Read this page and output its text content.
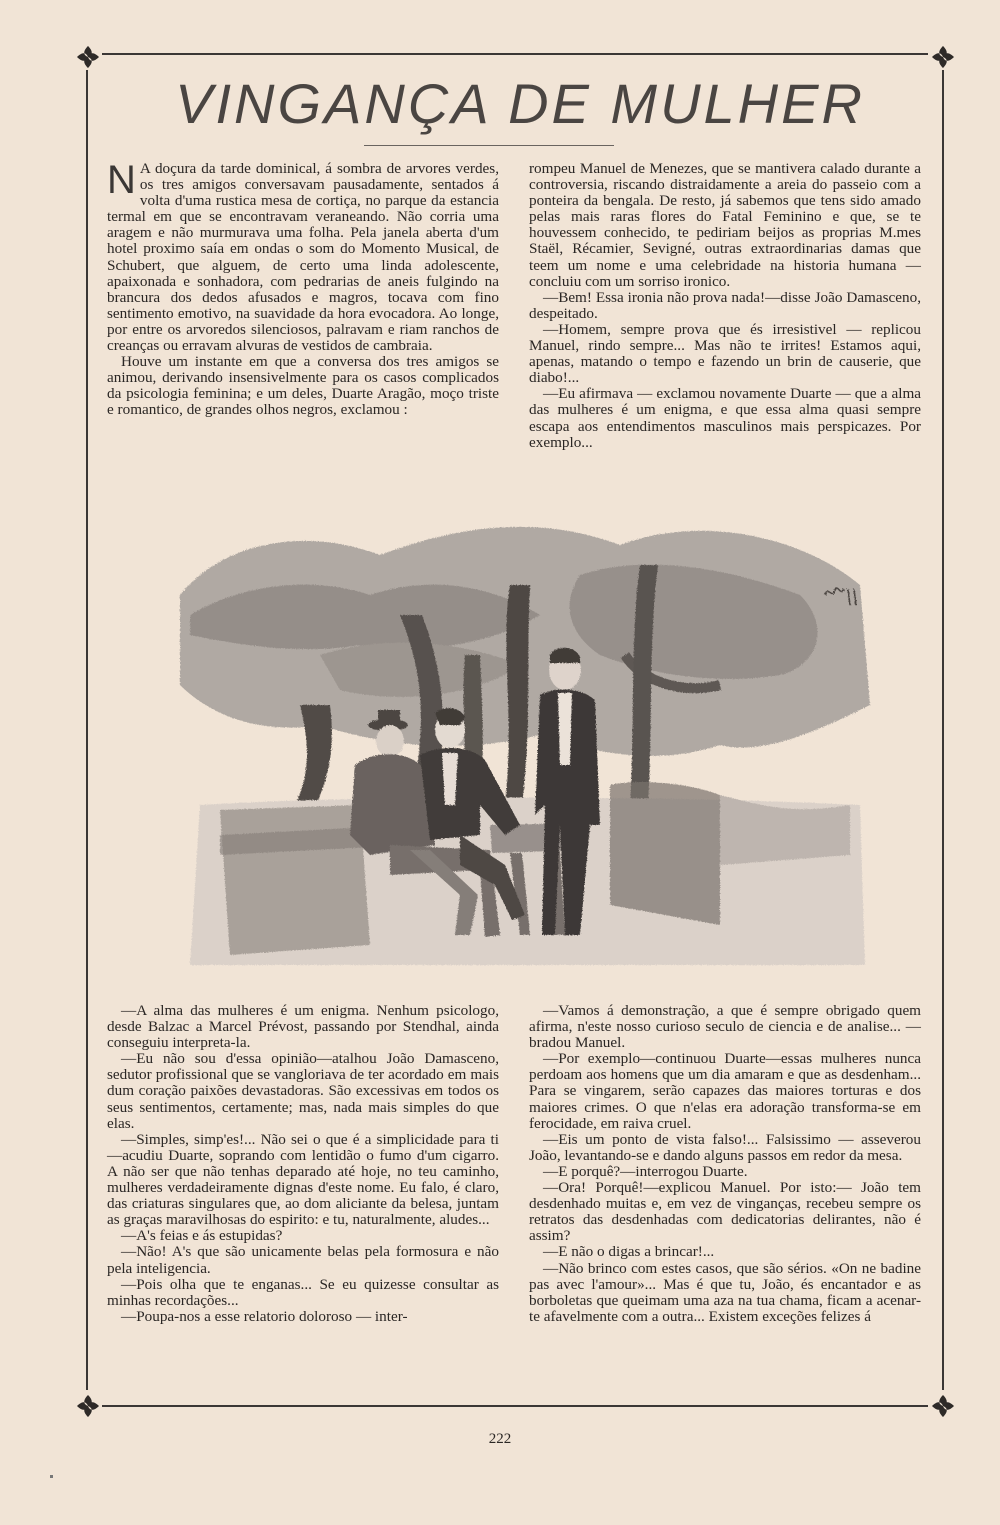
VINGANÇA DE MULHER
N A doçura da tarde dominical, á sombra de arvores verdes, os tres amigos conversavam pausadamente, sentados á volta d'uma rustica mesa de cortiça, no parque da estancia termal em que se encontravam veraneando. Não corria uma aragem e não murmurava uma folha. Pela janela aberta d'um hotel proximo saía em ondas o som do Momento Musical, de Schubert, que alguem, de certo uma linda adolescente, apaixonada e sonhadora, com pedrarias de aneis fulgindo na brancura dos dedos afusados e magros, tocava com fino sentimento emotivo, na suavidade da hora evocadora. Ao longe, por entre os arvoredos silenciosos, palravam e riam ranchos de creanças ou erravam alvuras de vestidos de cambraia.

Houve um instante em que a conversa dos tres amigos se animou, derivando insensivelmente para os casos complicados da psicologia feminina; e um deles, Duarte Aragão, moço triste e romantico, de grandes olhos negros, exclamou :

rompeu Manuel de Menezes, que se mantivera calado durante a controversia, riscando distraidamente a areia do passeio com a ponteira da bengala. De resto, já sabemos que tens sido amado pelas mais raras flores do Fatal Feminino e que, se te houvessem conhecido, te pediriam beijos as proprias M.mes Staël, Récamier, Sevigné, outras extraordinarias damas que teem um nome e uma celebridade na historia humana — concluiu com um sorriso ironico.

—Bem! Essa ironia não prova nada!—disse João Damasceno, despeitado.

—Homem, sempre prova que és irresistivel — replicou Manuel, rindo sempre... Mas não te irrites! Estamos aqui, apenas, matando o tempo e fazendo un brin de causerie, que diabo!...

—Eu afirmava — exclamou novamente Duarte — que a alma das mulheres é um enigma, e que essa alma quasi sempre escapa aos entendimentos masculinos mais perspicazes. Por exemplo...

—A alma das mulheres é um enigma. Nenhum psicologo, desde Balzac a Marcel Prévost, passando por Stendhal, ainda conseguiu interpreta-la.

—Eu não sou d'essa opinião—atalhou João Damasceno, sedutor profissional que se vangloriava de ter acordado em mais dum coração paixões devastadoras. São excessivas em todos os seus sentimentos, certamente; mas, nada mais simples do que elas.

—Simples, simp'es!... Não sei o que é a simplicidade para ti—acudiu Duarte, soprando com lentidão o fumo d'um cigarro. A não ser que não tenhas deparado até hoje, no teu caminho, mulheres verdadeiramente dignas d'este nome. Eu falo, é claro, das criaturas singulares que, ao dom aliciante da belesa, juntam as graças maravilhosas do espirito: e tu, naturalmente, aludes...

—A's feias e ás estupidas?

—Não! A's que são unicamente belas pela formosura e não pela inteligencia.

—Pois olha que te enganas... Se eu quizesse consultar as minhas recordações...

—Poupa-nos a esse relatorio doloroso — inter-

—Vamos á demonstração, a que é sempre obrigado quem afirma, n'este nosso curioso seculo de ciencia e de analise... — bradou Manuel.

—Por exemplo—continuou Duarte—essas mulheres nunca perdoam aos homens que um dia amaram e que as desdenham... Para se vingarem, serão capazes das maiores torturas e dos maiores crimes. O que n'elas era adoração transforma-se em ferocidade, em raiva cruel.

—Eis um ponto de vista falso!... Falsissimo — asseverou João, levantando-se e dando alguns passos em redor da mesa.

—E porquê?—interrogou Duarte.

—Ora! Porquê!—explicou Manuel. Por isto:— João tem desdenhado muitas e, em vez de vinganças, recebeu sempre os retratos das desdenhadas com dedicatorias delirantes, não é assim?

—E não o digas a brincar!...

—Não brinco com estes casos, que são sérios. «On ne badine pas avec l'amour»... Mas é que tu, João, és encantador e as borboletas que queimam uma aza na tua chama, ficam a acenar-te afavelmente com a outra... Existem exceções felizes á

222
